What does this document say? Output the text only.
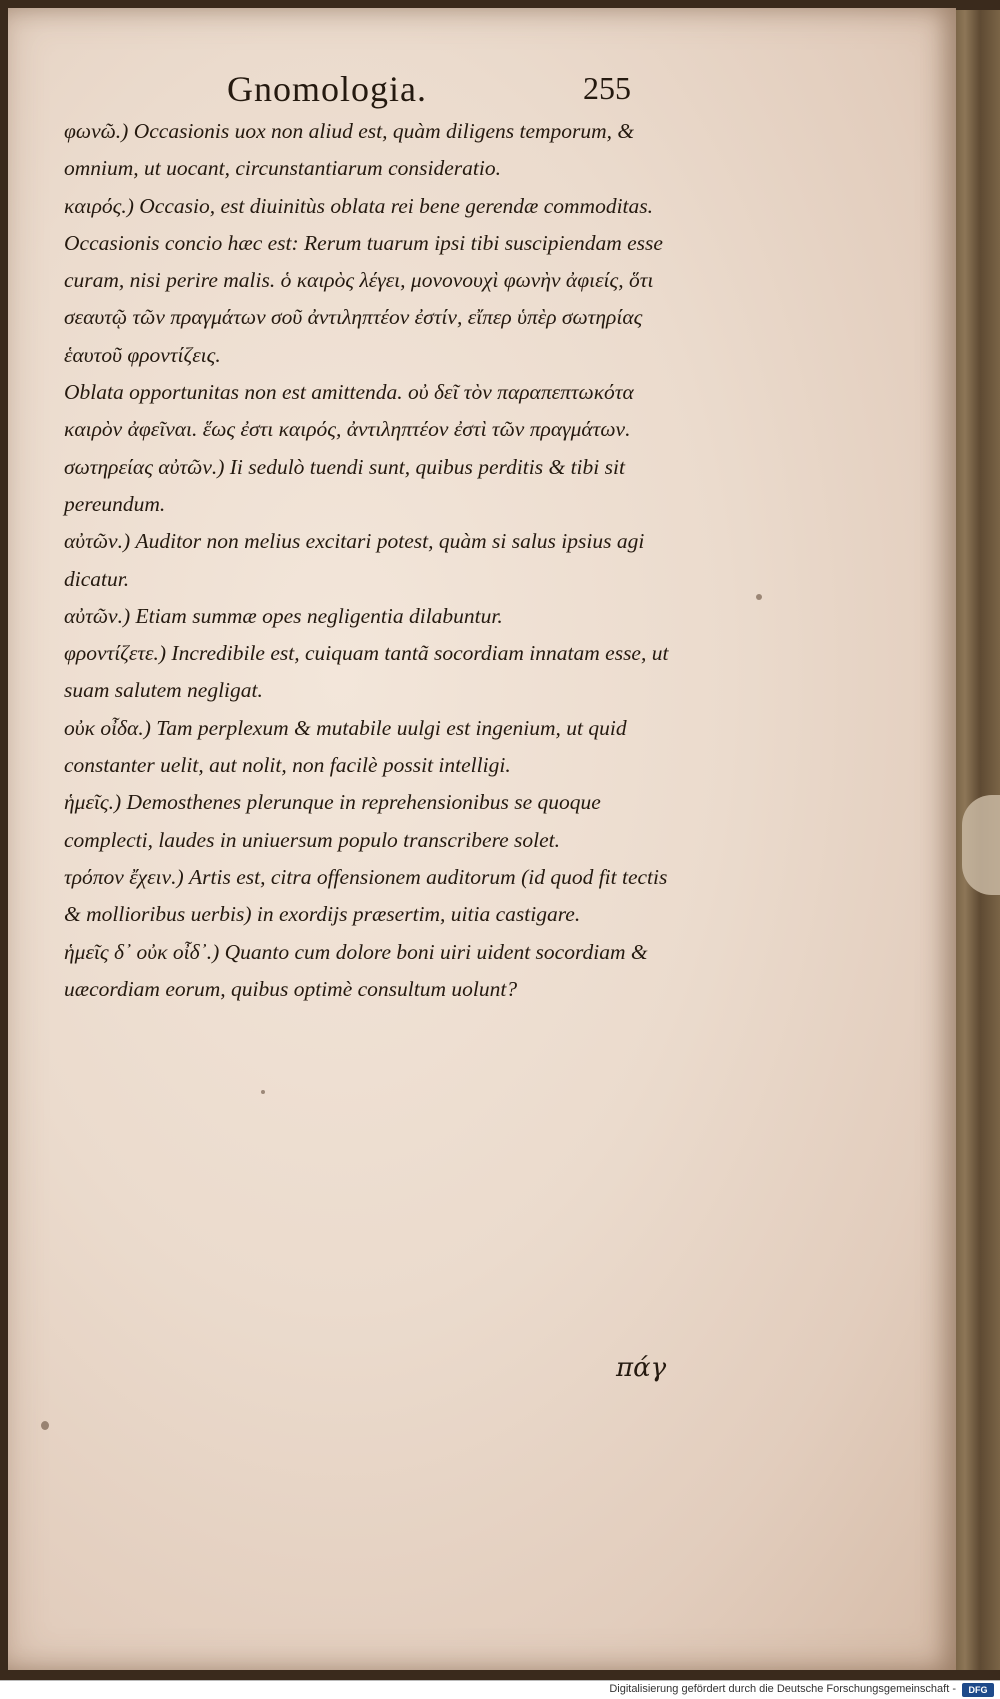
Gnomologia.	255

φωνῶ.) Occasionis uox non aliud est, quàm diligens temporum, & omnium, ut uocant, circunstantiarum consideratio.

καιρός.) Occasio, est diuinitùs oblata rei bene gerendæ commoditas.

Occasionis concio hæc est: Rerum tuarum ipsi tibi suscipiendam esse curam, nisi perire malis. ὁ καιρὸς λέγει, μονονουχὶ φωνὴν ἀφιείς, ὅτι σεαυτῷ τῶν πραγμάτων σοῦ ἀντιληπτέον ἐστίν, εἴπερ ὑπὲρ σωτηρίας ἑαυτοῦ φροντίζεις.

Oblata opportunitas non est amittenda. οὐ δεῖ τὸν παραπεπτωκότα καιρὸν ἀφεῖναι. ἕως ἐστι καιρός, ἀντιληπτέον ἐστὶ τῶν πραγμάτων.

σωτηρείας αὐτῶν.) Ii sedulò tuendi sunt, quibus perditis & tibi sit pereundum.

αὐτῶν.) Auditor non melius excitari potest, quàm si salus ipsius agi dicatur.

αὐτῶν.) Etiam summæ opes negligentia dilabuntur.

φροντίζετε.) Incredibile est, cuiquam tantã socordiam innatam esse, ut suam salutem negligat.

οὐκ οἶδα.) Tam perplexum & mutabile uulgi est ingenium, ut quid constanter uelit, aut nolit, non facilè possit intelligi.

ἡμεῖς.) Demosthenes plerunque in reprehensionibus se quoque complecti, laudes in uniuersum populo transcribere solet.

τρόπον ἔχειν.) Artis est, citra offensionem auditorum (id quod fit tectis & mollioribus uerbis) in exordijs præsertim, uitia castigare.

ἡμεῖς δ᾽ οὐκ οἶδ᾽.) Quanto cum dolore boni uiri uident socordiam & uæcordiam eorum, quibus optimè consultum uolunt?

πάγ
Digitalisierung gefördert durch die Deutsche Forschungsgemeinschaft -	DFG
